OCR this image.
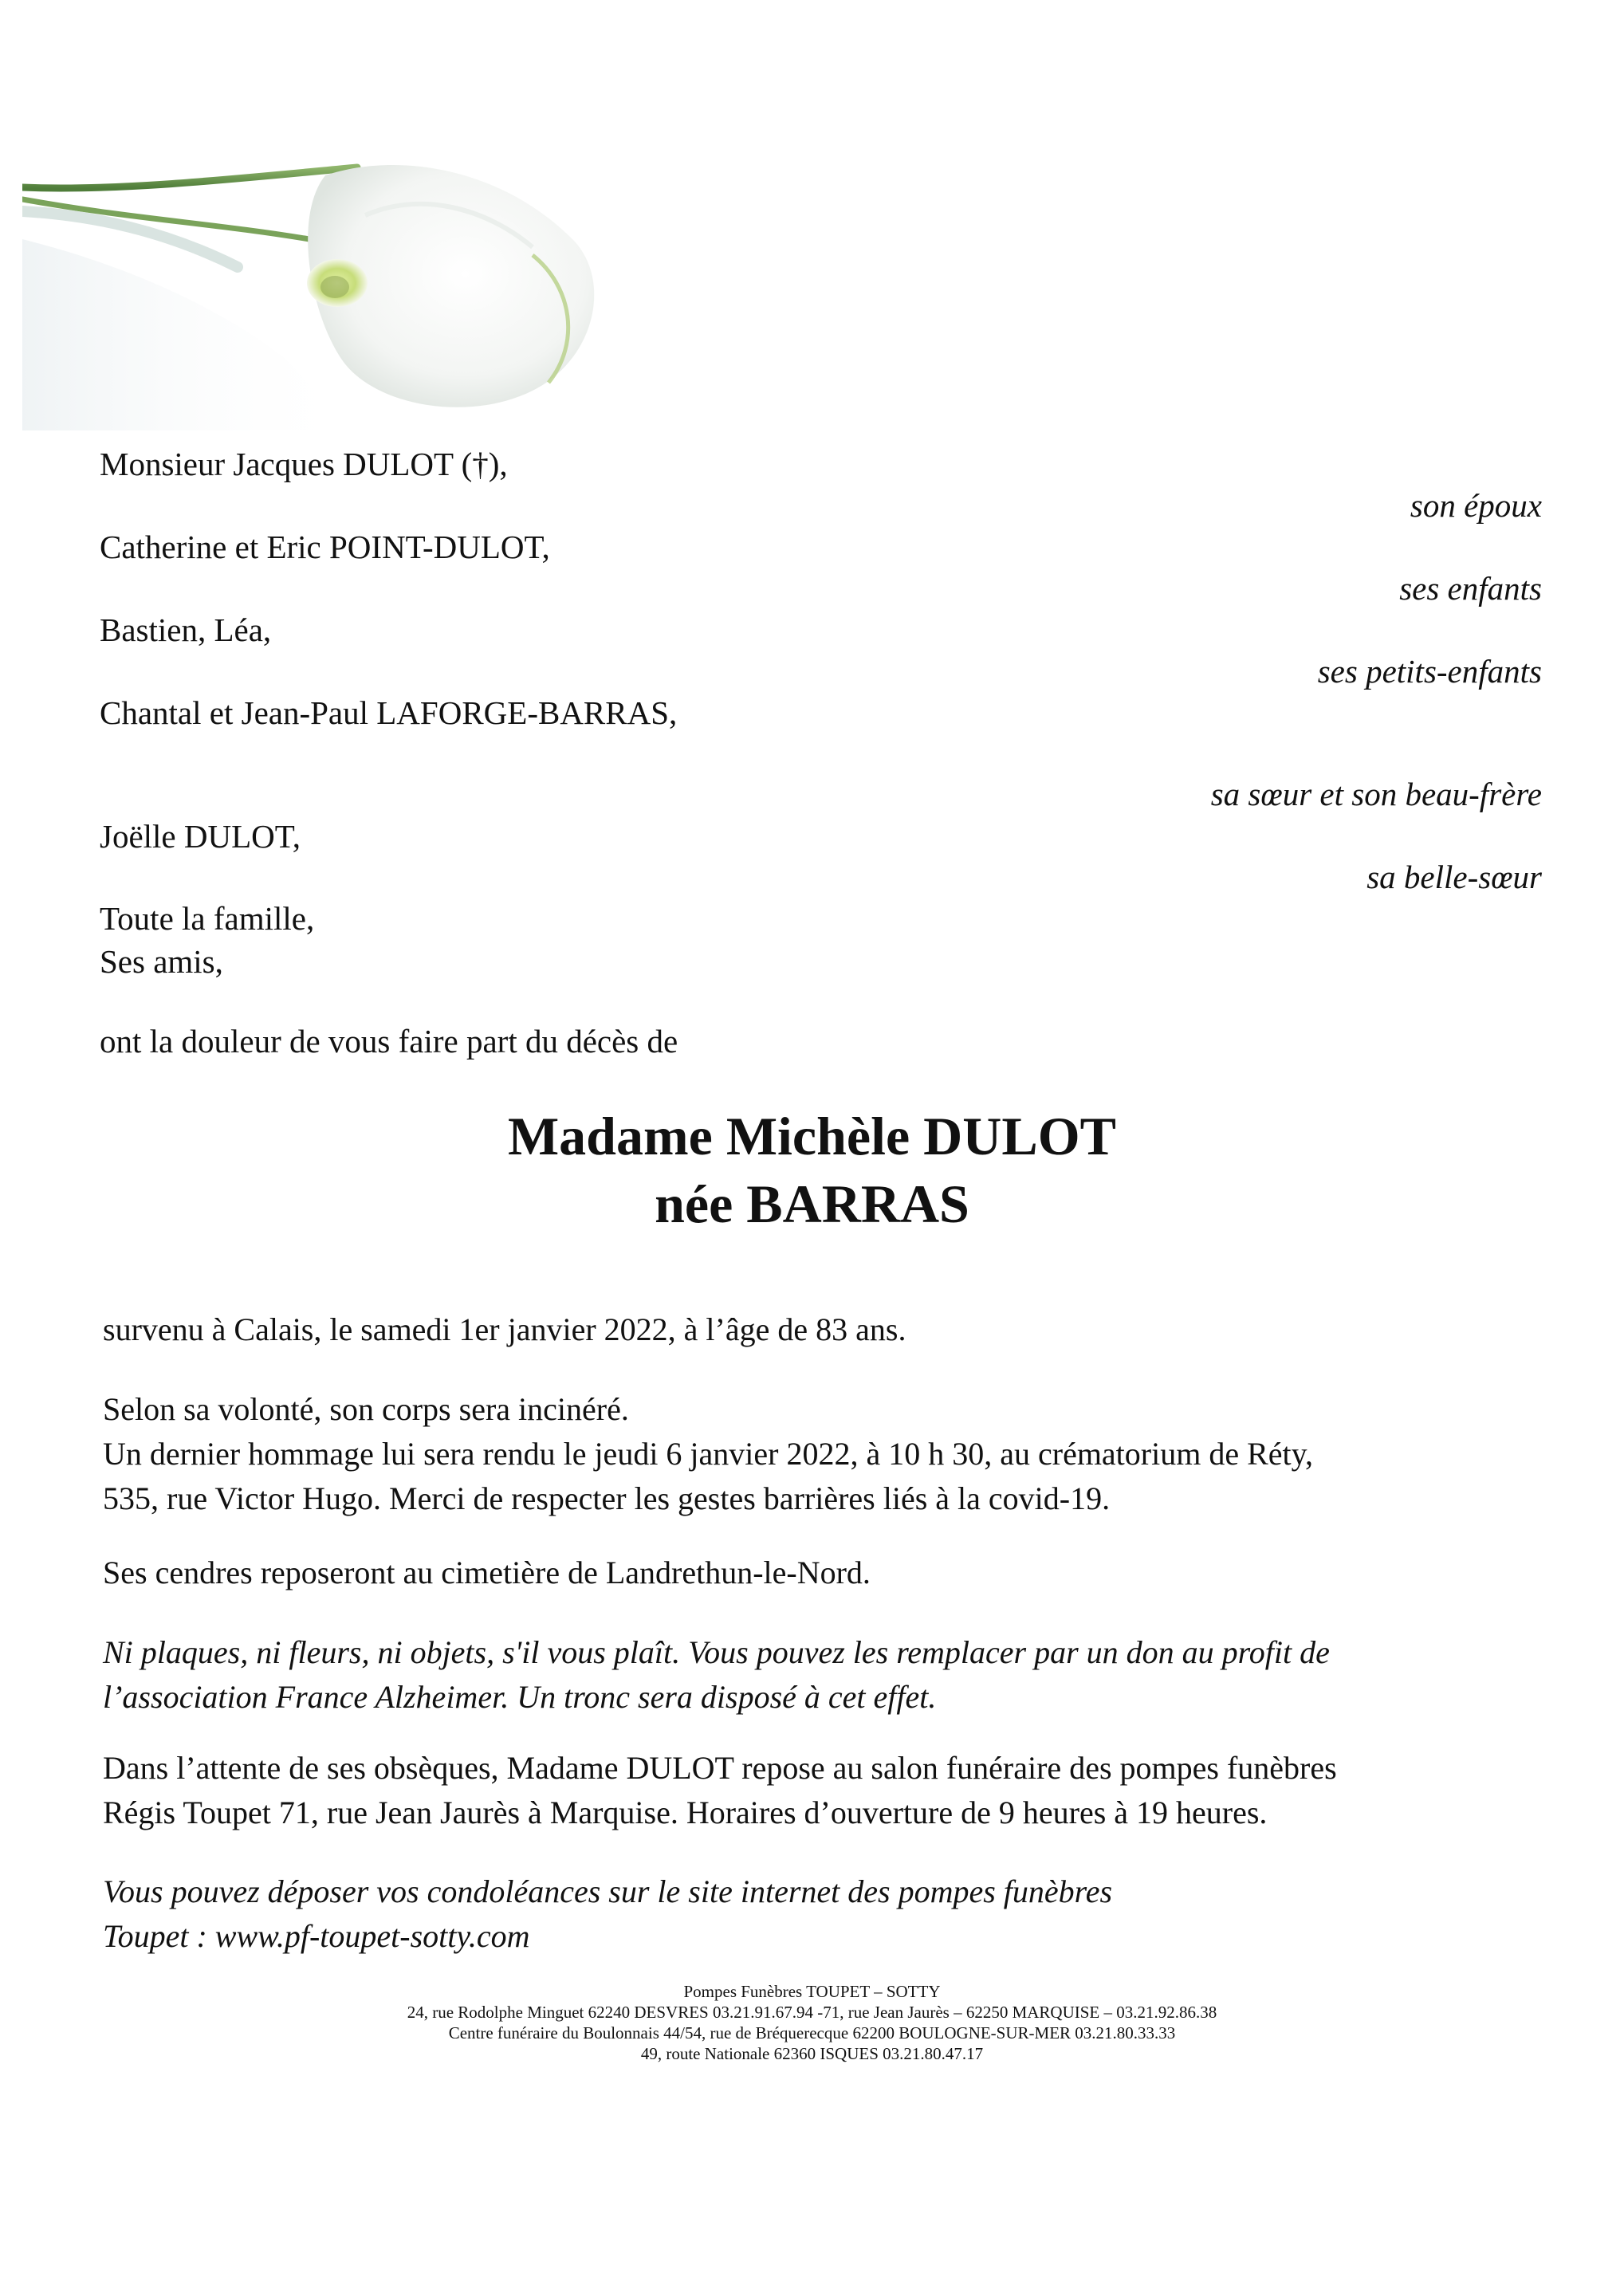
Monsieur Jacques DULOT (†),
Catherine et Eric POINT-DULOT,
Bastien, Léa,
Chantal et Jean-Paul LAFORGE-BARRAS,
Joëlle DULOT,
Toute la famille,
Ses amis,
son époux
ses enfants
ses petits-enfants
sa sœur et son beau-frère
sa belle-sœur
ont la douleur de vous faire part du décès de
Madame Michèle DULOT
née BARRAS
survenu à Calais, le samedi 1er janvier 2022, à l’âge de 83 ans.
Selon sa volonté, son corps sera incinéré.
Un dernier hommage lui sera rendu le jeudi 6 janvier 2022, à 10 h 30, au crématorium de Réty,
535, rue Victor Hugo. Merci de respecter les gestes barrières liés à la covid-19.
Ses cendres reposeront au cimetière de Landrethun-le-Nord.
Ni plaques, ni fleurs, ni objets, s'il vous plaît. Vous pouvez les remplacer par un don au profit de
l’association France Alzheimer. Un tronc sera disposé à cet effet.
Dans l’attente de ses obsèques, Madame DULOT repose au salon funéraire des pompes funèbres
Régis Toupet 71, rue Jean Jaurès à Marquise. Horaires d’ouverture de 9 heures à 19 heures.
Vous pouvez déposer vos condoléances sur le site internet des pompes funèbres
Toupet : www.pf-toupet-sotty.com
Pompes Funèbres TOUPET – SOTTY
24, rue Rodolphe Minguet 62240 DESVRES 03.21.91.67.94 -71, rue Jean Jaurès – 62250 MARQUISE – 03.21.92.86.38
Centre funéraire du Boulonnais 44/54, rue de Bréquerecque 62200 BOULOGNE-SUR-MER 03.21.80.33.33
49, route Nationale 62360 ISQUES 03.21.80.47.17
